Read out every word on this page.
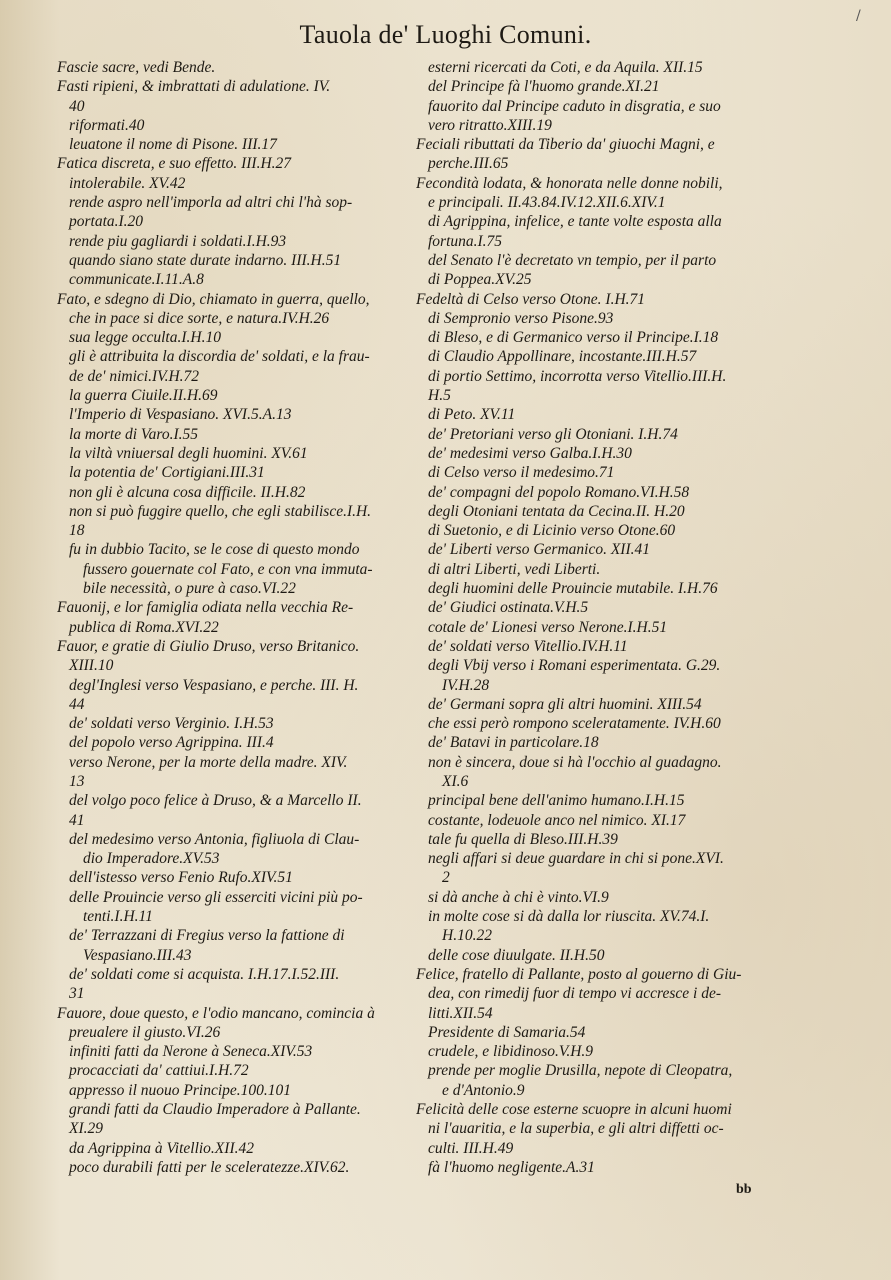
/
Tauola de' Luoghi Comuni.
Fascie sacre, vedi Bende.
Fasti ripieni, & imbrattati di adulatione. IV.
40
riformati.40
leuatone il nome di Pisone. III.17
Fatica discreta, e suo effetto. III.H.27
intolerabile. XV.42
rende aspro nell'imporla ad altri chi l'hà sop-
portata.I.20
rende piu gagliardi i soldati.I.H.93
quando siano state durate indarno. III.H.51
communicate.I.11.A.8
Fato, e sdegno di Dio, chiamato in guerra, quello,
che in pace si dice sorte, e natura.IV.H.26
sua legge occulta.I.H.10
gli è attribuita la discordia de' soldati, e la frau-
de de' nimici.IV.H.72
la guerra Ciuile.II.H.69
l'Imperio di Vespasiano. XVI.5.A.13
la morte di Varo.I.55
la viltà vniuersal degli huomini. XV.61
la potentia de' Cortigiani.III.31
non gli è alcuna cosa difficile. II.H.82
non si può fuggire quello, che egli stabilisce.I.H.
18
fu in dubbio Tacito, se le cose di questo mondo
fussero gouernate col Fato, e con vna immuta-
bile necessità, o pure à caso.VI.22
Fauonij, e lor famiglia odiata nella vecchia Re-
publica di Roma.XVI.22
Fauor, e gratie di Giulio Druso, verso Britanico.
XIII.10
degl'Inglesi verso Vespasiano, e perche. III. H.
44
de' soldati verso Verginio. I.H.53
del popolo verso Agrippina. III.4
verso Nerone, per la morte della madre. XIV.
13
del volgo poco felice à Druso, & a Marcello II.
41
del medesimo verso Antonia, figliuola di Clau-
dio Imperadore.XV.53
dell'istesso verso Fenio Rufo.XIV.51
delle Prouincie verso gli esserciti vicini più po-
tenti.I.H.11
de' Terrazzani di Fregius verso la fattione di
Vespasiano.III.43
de' soldati come si acquista. I.H.17.I.52.III.
31
Fauore, doue questo, e l'odio mancano, comincia à
preualere il giusto.VI.26
infiniti fatti da Nerone à Seneca.XIV.53
procacciati da' cattiui.I.H.72
appresso il nuouo Principe.100.101
grandi fatti da Claudio Imperadore à Pallante.
XI.29
da Agrippina à Vitellio.XII.42
poco durabili fatti per le sceleratezze.XIV.62.
esterni ricercati da Coti, e da Aquila. XII.15
del Principe fà l'huomo grande.XI.21
fauorito dal Principe caduto in disgratia, e suo
vero ritratto.XIII.19
Feciali ributtati da Tiberio da' giuochi Magni, e
perche.III.65
Fecondità lodata, & honorata nelle donne nobili,
e principali. II.43.84.IV.12.XII.6.XIV.1
di Agrippina, infelice, e tante volte esposta alla
fortuna.I.75
del Senato l'è decretato vn tempio, per il parto
di Poppea.XV.25
Fedeltà di Celso verso Otone. I.H.71
di Sempronio verso Pisone.93
di Bleso, e di Germanico verso il Principe.I.18
di Claudio Appollinare, incostante.III.H.57
di portio Settimo, incorrotta verso Vitellio.III.H.
H.5
di Peto. XV.11
de' Pretoriani verso gli Otoniani. I.H.74
de' medesimi verso Galba.I.H.30
di Celso verso il medesimo.71
de' compagni del popolo Romano.VI.H.58
degli Otoniani tentata da Cecina.II. H.20
di Suetonio, e di Licinio verso Otone.60
de' Liberti verso Germanico. XII.41
di altri Liberti, vedi Liberti.
degli huomini delle Prouincie mutabile. I.H.76
de' Giudici ostinata.V.H.5
cotale de' Lionesi verso Nerone.I.H.51
de' soldati verso Vitellio.IV.H.11
degli Vbij verso i Romani esperimentata. G.29.
IV.H.28
de' Germani sopra gli altri huomini. XIII.54
che essi però rompono sceleratamente. IV.H.60
de' Batavi in particolare.18
non è sincera, doue si hà l'occhio al guadagno.
XI.6
principal bene dell'animo humano.I.H.15
costante, lodeuole anco nel nimico. XI.17
tale fu quella di Bleso.III.H.39
negli affari si deue guardare in chi si pone.XVI.
2
si dà anche à chi è vinto.VI.9
in molte cose si dà dalla lor riuscita. XV.74.I.
H.10.22
delle cose diuulgate. II.H.50
Felice, fratello di Pallante, posto al gouerno di Giu-
dea, con rimedij fuor di tempo vi accresce i de-
litti.XII.54
Presidente di Samaria.54
crudele, e libidinoso.V.H.9
prende per moglie Drusilla, nepote di Cleopatra,
e d'Antonio.9
Felicità delle cose esterne scuopre in alcuni huomi
ni l'auaritia, e la superbia, e gli altri diffetti oc-
culti. III.H.49
fà l'huomo negligente.A.31
bb
